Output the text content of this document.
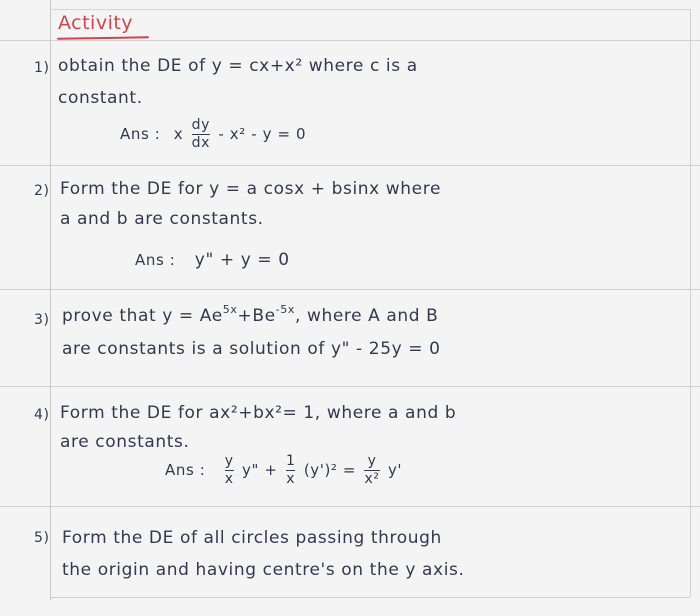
Activity
1) obtain the DE of y = cx+x² where c is a
constant.
Ans : x $\frac{dy}{dx} - x^2 - y = 0$
2) Form the DE for y = a cosx + bsinx where
a and b are constants.
Ans : y" + y = 0
3) prove that $y = Ae^{5x}+Be^{-5x}$, where A and B
are constants is a solution of y" - 25y = 0
4) Form the DE for ax²+bx²= 1, where a and b
are constants.
Ans : $\frac{y}{x} y$" + $\frac{1}{x} (y')^2 = \frac{y}{\text{x²}} y'$
5) Form the DE of all circles passing through
the origin and having centre's on the y axis.
